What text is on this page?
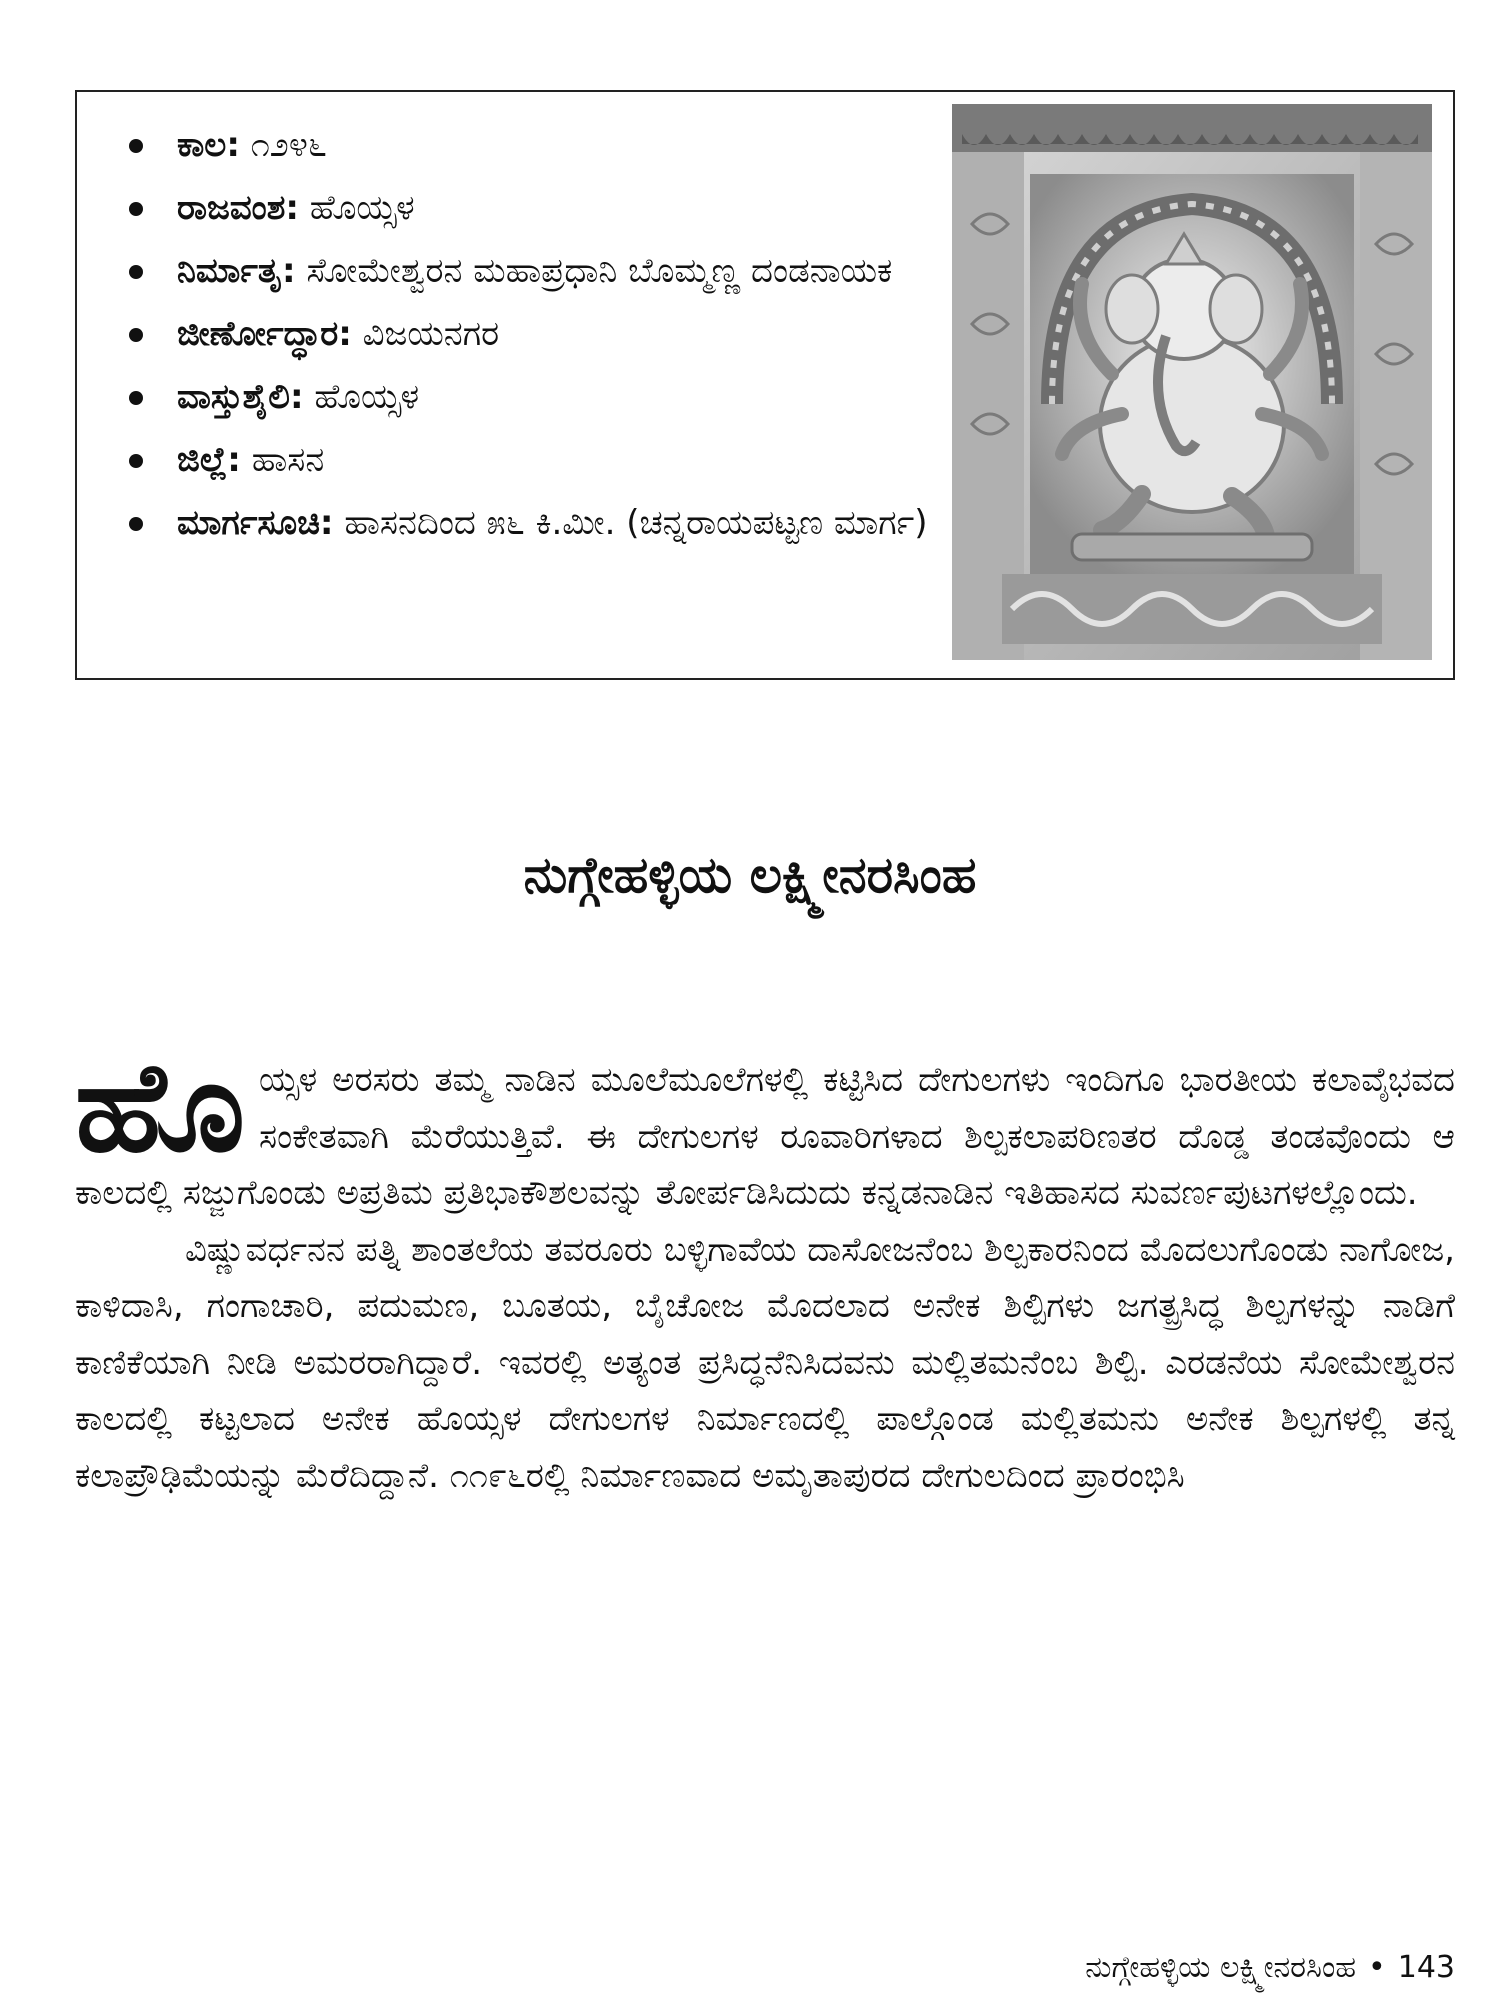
ಕಾಲ: ೧೨೪೬
ರಾಜವಂಶ: ಹೊಯ್ಸಳ
ನಿರ್ಮಾತೃ: ಸೋಮೇಶ್ವರನ ಮಹಾಪ್ರಧಾನಿ ಬೊಮ್ಮಣ್ಣ ದಂಡನಾಯಕ
ಜೀರ್ಣೋದ್ಧಾರ: ವಿಜಯನಗರ
ವಾಸ್ತುಶೈಲಿ: ಹೊಯ್ಸಳ
ಜಿಲ್ಲೆ: ಹಾಸನ
ಮಾರ್ಗಸೂಚಿ: ಹಾಸನದಿಂದ ೫೬ ಕಿ.ಮೀ. (ಚನ್ನರಾಯಪಟ್ಟಣ ಮಾರ್ಗ)
ನುಗ್ಗೇಹಳ್ಳಿಯ ಲಕ್ಷ್ಮೀನರಸಿಂಹ

ಹೊಯ್ಸಳ ಅರಸರು ತಮ್ಮ ನಾಡಿನ ಮೂಲೆಮೂಲೆಗಳಲ್ಲಿ ಕಟ್ಟಿಸಿದ ದೇಗುಲಗಳು ಇಂದಿಗೂ ಭಾರತೀಯ ಕಲಾವೈಭವದ ಸಂಕೇತವಾಗಿ ಮೆರೆಯುತ್ತಿವೆ. ಈ ದೇಗುಲಗಳ ರೂವಾರಿಗಳಾದ ಶಿಲ್ಪಕಲಾಪರಿಣತರ ದೊಡ್ಡ ತಂಡವೊಂದು ಆ ಕಾಲದಲ್ಲಿ ಸಜ್ಜುಗೊಂಡು ಅಪ್ರತಿಮ ಪ್ರತಿಭಾಕೌಶಲವನ್ನು ತೋರ್ಪಡಿಸಿದುದು ಕನ್ನಡನಾಡಿನ ಇತಿಹಾಸದ ಸುವರ್ಣಪುಟಗಳಲ್ಲೊಂದು.

ವಿಷ್ಣುವರ್ಧನನ ಪತ್ನಿ ಶಾಂತಲೆಯ ತವರೂರು ಬಳ್ಳಿಗಾವೆಯ ದಾಸೋಜನೆಂಬ ಶಿಲ್ಪಕಾರನಿಂದ ಮೊದಲುಗೊಂಡು ನಾಗೋಜ, ಕಾಳಿದಾಸಿ, ಗಂಗಾಚಾರಿ, ಪದುಮಣ, ಬೂತಯ, ಬೈಚೋಜ ಮೊದಲಾದ ಅನೇಕ ಶಿಲ್ಪಿಗಳು ಜಗತ್ಪ್ರಸಿದ್ಧ ಶಿಲ್ಪಗಳನ್ನು ನಾಡಿಗೆ ಕಾಣಿಕೆಯಾಗಿ ನೀಡಿ ಅಮರರಾಗಿದ್ದಾರೆ. ಇವರಲ್ಲಿ ಅತ್ಯಂತ ಪ್ರಸಿದ್ಧನೆನಿಸಿದವನು ಮಲ್ಲಿತಮನೆಂಬ ಶಿಲ್ಪಿ. ಎರಡನೆಯ ಸೋಮೇಶ್ವರನ ಕಾಲದಲ್ಲಿ ಕಟ್ಟಲಾದ ಅನೇಕ ಹೊಯ್ಸಳ ದೇಗುಲಗಳ ನಿರ್ಮಾಣದಲ್ಲಿ ಪಾಲ್ಗೊಂಡ ಮಲ್ಲಿತಮನು ಅನೇಕ ಶಿಲ್ಪಗಳಲ್ಲಿ ತನ್ನ ಕಲಾಪ್ರೌಢಿಮೆಯನ್ನು ಮೆರೆದಿದ್ದಾನೆ. ೧೧೯೬ರಲ್ಲಿ ನಿರ್ಮಾಣವಾದ ಅಮೃತಾಪುರದ ದೇಗುಲದಿಂದ ಪ್ರಾರಂಭಿಸಿ

ನುಗ್ಗೇಹಳ್ಳಿಯ ಲಕ್ಷ್ಮೀನರಸಿಂಹ • 143
